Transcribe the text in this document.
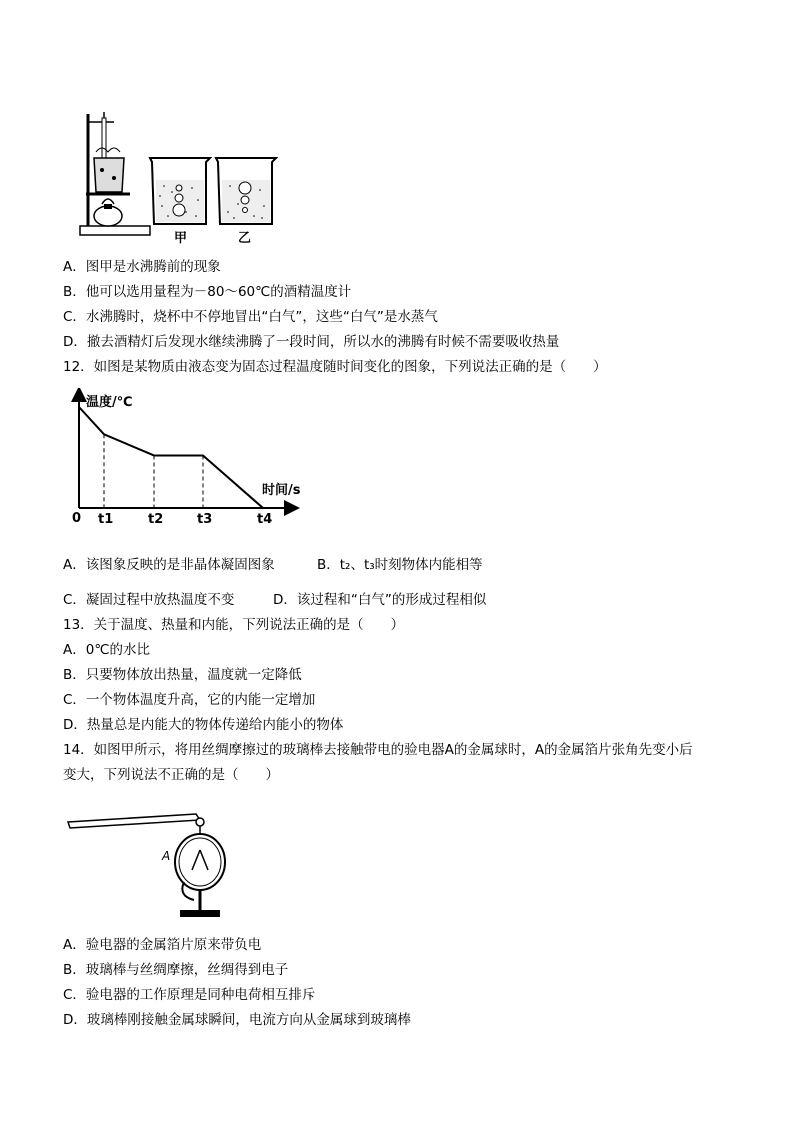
甲	乙
A．图甲是水沸腾前的现象
B．他可以选用量程为－80～60℃的酒精温度计
C．水沸腾时，烧杯中不停地冒出“白气”，这些“白气”是水蒸气
D．撤去酒精灯后发现水继续沸腾了一段时间，所以水的沸腾有时候不需要吸收热量
12．如图是某物质由液态变为固态过程温度随时间变化的图象，下列说法正确的是（　　）
温度/℃
时间/s
0 t1	t2	t3	t4
A．该图象反映的是非晶体凝固图象	B．t₂、t₃时刻物体内能相等
C．凝固过程中放热温度不变	D．该过程和“白气”的形成过程相似
13．关于温度、热量和内能，下列说法正确的是（　　）
A．0℃的水比
B．只要物体放出热量，温度就一定降低
C．一个物体温度升高，它的内能一定增加
D．热量总是内能大的物体传递给内能小的物体
14．如图甲所示，将用丝绸摩擦过的玻璃棒去接触带电的验电器A的金属球时，A的金属箔片张角先变小后
变大，下列说法不正确的是（　　）
A
A．验电器的金属箔片原来带负电
B．玻璃棒与丝绸摩擦，丝绸得到电子
C．验电器的工作原理是同种电荷相互排斥
D．玻璃棒刚接触金属球瞬间，电流方向从金属球到玻璃棒
